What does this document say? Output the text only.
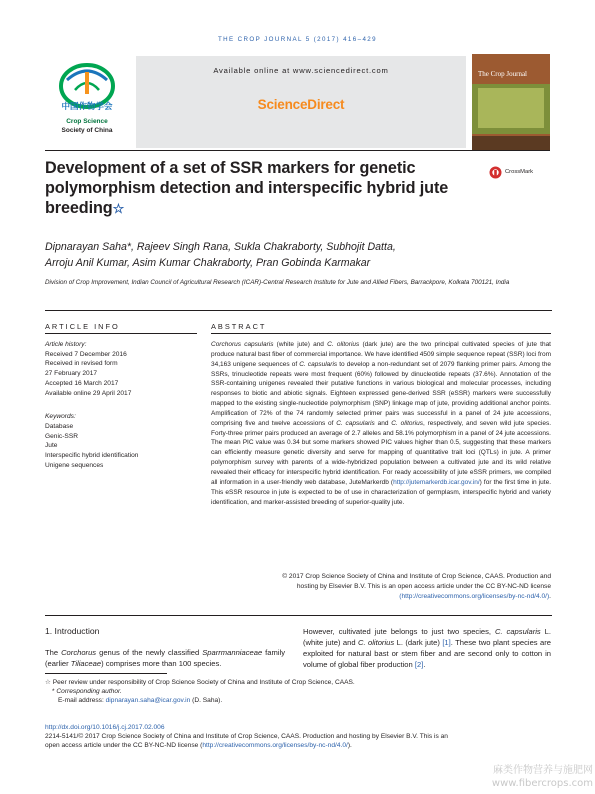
THE CROP JOURNAL 5 (2017) 416–429
中国作物学会
Crop Science
Society of China
Available online at www.sciencedirect.com
ScienceDirect
The Crop Journal
Development of a set of SSR markers for genetic polymorphism detection and interspecific hybrid jute breeding☆
CrossMark
Dipnarayan Saha*, Rajeev Singh Rana, Sukla Chakraborty, Subhojit Datta,
Arroju Anil Kumar, Asim Kumar Chakraborty, Pran Gobinda Karmakar
Division of Crop Improvement, Indian Council of Agricultural Research (ICAR)-Central Research Institute for Jute and Allied Fibers, Barrackpore, Kolkata 700121, India
ARTICLE INFO
Article history:
Received 7 December 2016
Received in revised form
27 February 2017
Accepted 16 March 2017
Available online 29 April 2017
Keywords:
Database
Genic-SSR
Jute
Interspecific hybrid identification
Unigene sequences
ABSTRACT
Corchorus capsularis (white jute) and C. olitorius (dark jute) are the two principal cultivated species of jute that produce natural bast fiber of commercial importance. We have identified 4509 simple sequence repeat (SSR) loci from 34,163 unigene sequences of C. capsularis to develop a non-redundant set of 2079 flanking primer pairs. Among the SSRs, trinucleotide repeats were most frequent (60%) followed by dinucleotide repeats (37.6%). Annotation of the SSR-containing unigenes revealed their putative functions in various biological and molecular processes, including responses to biotic and abiotic signals. Eighteen expressed gene-derived SSR (eSSR) markers were successfully mapped to the existing single-nucleotide polymorphism (SNP) linkage map of jute, providing additional anchor points. Amplification of 72% of the 74 randomly selected primer pairs was successful in a panel of 24 jute accessions, comprising five and twelve accessions of C. capsularis and C. olitorius, respectively, and seven wild jute species. Forty-three primer pairs produced an average of 2.7 alleles and 58.1% polymorphism in a panel of 24 jute accessions. The mean PIC value was 0.34 but some markers showed PIC values higher than 0.5, suggesting that these markers can efficiently measure genetic diversity and serve for mapping of quantitative trait loci (QTLs) in jute. A primer polymorphism survey with parents of a wide-hybridized population between a cultivated jute and its wild relative revealed their efficacy for interspecific hybrid identification. For ready accessibility of jute eSSR primers, we compiled all information in a user-friendly web database, JuteMarkerdb (http://jutemarkerdb.icar.gov.in/) for the first time in jute. This eSSR resource in jute is expected to be of use in characterization of germplasm, interspecific hybrid and variety identification, and marker-assisted breeding of superior-quality jute.
© 2017 Crop Science Society of China and Institute of Crop Science, CAAS. Production and
hosting by Elsevier B.V. This is an open access article under the CC BY-NC-ND license
(http://creativecommons.org/licenses/by-nc-nd/4.0/).
1. Introduction
The Corchorus genus of the newly classified Sparrmanniaceae family (earlier Tiliaceae) comprises more than 100 species.
However, cultivated jute belongs to just two species, C. capsularis L. (white jute) and C. olitorius L. (dark jute) [1]. These two plant species are exploited for natural bast or stem fiber and are second only to cotton in volume of global fiber production [2].
☆ Peer review under responsibility of Crop Science Society of China and Institute of Crop Science, CAAS.
* Corresponding author.
E-mail address: dipnarayan.saha@icar.gov.in (D. Saha).
http://dx.doi.org/10.1016/j.cj.2017.02.006
2214-5141/© 2017 Crop Science Society of China and Institute of Crop Science, CAAS. Production and hosting by Elsevier B.V. This is an
open access article under the CC BY-NC-ND license (http://creativecommons.org/licenses/by-nc-nd/4.0/).
麻类作物营养与施肥网
www.fibercrops.com
